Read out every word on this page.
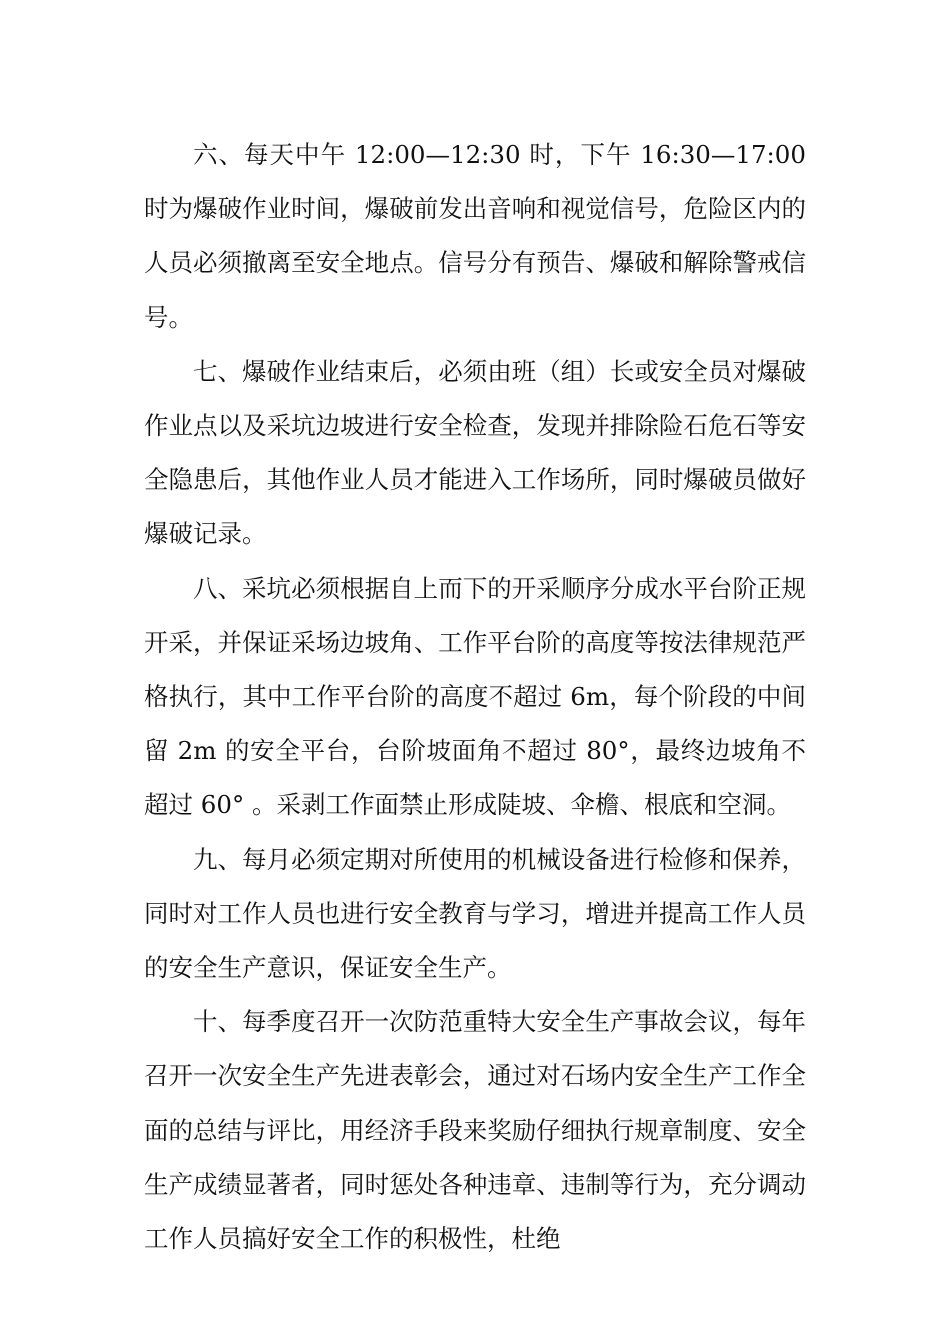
六、每天中午 12:00—12:30 时，下午 16:30—17:00 时为爆破作业时间，爆破前发出音响和视觉信号，危险区内的人员必须撤离至安全地点。信号分有预告、爆破和解除警戒信号。

七、爆破作业结束后，必须由班（组）长或安全员对爆破作业点以及采坑边坡进行安全检查，发现并排除险石危石等安全隐患后，其他作业人员才能进入工作场所，同时爆破员做好爆破记录。

八、采坑必须根据自上而下的开采顺序分成水平台阶正规开采，并保证采场边坡角、工作平台阶的高度等按法律规范严格执行，其中工作平台阶的高度不超过 6m，每个阶段的中间留 2m 的安全平台，台阶坡面角不超过 80°，最终边坡角不超过 60° 。采剥工作面禁止形成陡坡、伞檐、根底和空洞。

九、每月必须定期对所使用的机械设备进行检修和保养，同时对工作人员也进行安全教育与学习，增进并提高工作人员的安全生产意识，保证安全生产。

十、每季度召开一次防范重特大安全生产事故会议，每年召开一次安全生产先进表彰会，通过对石场内安全生产工作全面的总结与评比，用经济手段来奖励仔细执行规章制度、安全生产成绩显著者，同时惩处各种违章、违制等行为，充分调动工作人员搞好安全工作的积极性，杜绝
